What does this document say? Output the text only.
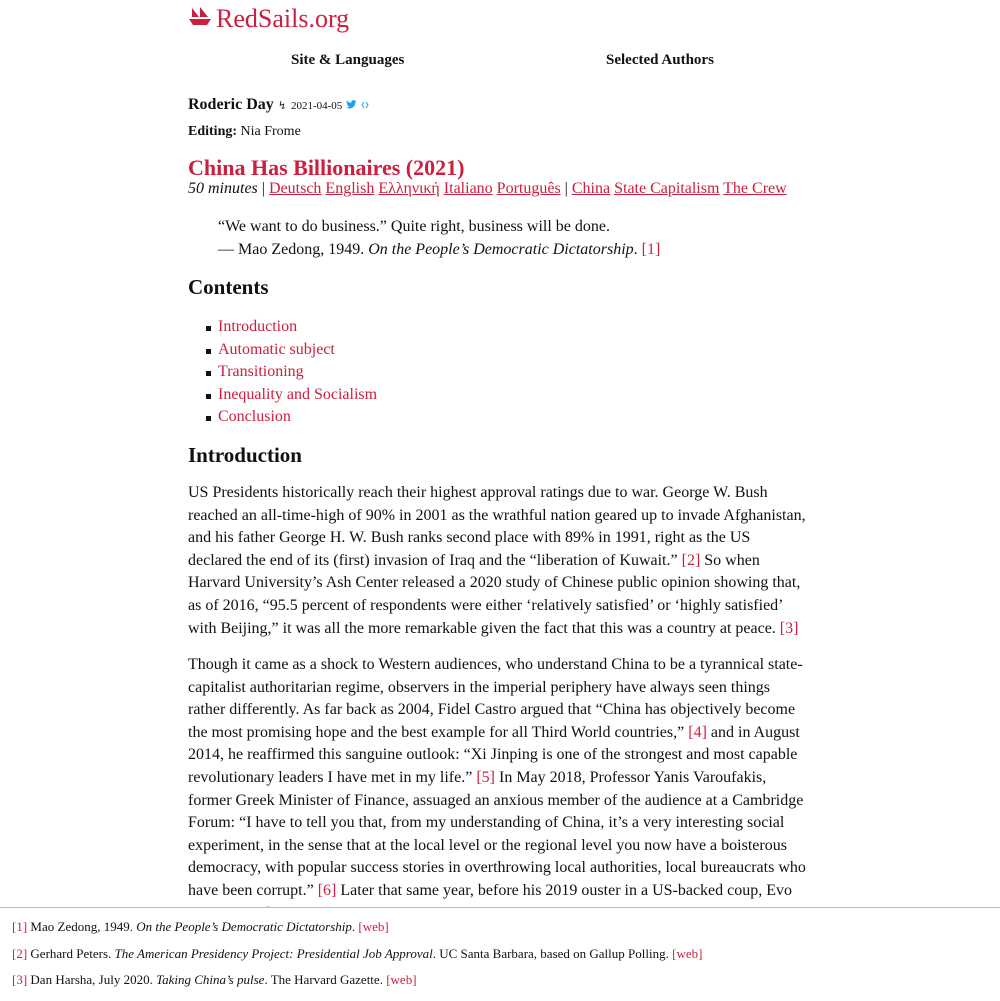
RedSails.org
Site & Languages	Selected Authors
Roderic Day ↯ 2021-04-05
Editing: Nia Frome
China Has Billionaires (2021)
50 minutes | Deutsch English Ελληνική Italiano Português | China State Capitalism The Crew
“We want to do business.” Quite right, business will be done.
— Mao Zedong, 1949. On the People’s Democratic Dictatorship. [1]
Contents
Introduction
Automatic subject
Transitioning
Inequality and Socialism
Conclusion
Introduction

US Presidents historically reach their highest approval ratings due to war. George W. Bush reached an all-time-high of 90% in 2001 as the wrathful nation geared up to invade Afghanistan, and his father George H. W. Bush ranks second place with 89% in 1991, right as the US declared the end of its (first) invasion of Iraq and the “liberation of Kuwait.” [2] So when Harvard University’s Ash Center released a 2020 study of Chinese public opinion showing that, as of 2016, “95.5 percent of respondents were either ‘relatively satisfied’ or ‘highly satisfied’ with Beijing,” it was all the more remarkable given the fact that this was a country at peace. [3]

Though it came as a shock to Western audiences, who understand China to be a tyrannical state-capitalist authoritarian regime, observers in the imperial periphery have always seen things rather differently. As far back as 2004, Fidel Castro argued that “China has objectively become the most promising hope and the best example for all Third World countries,” [4] and in August 2014, he reaffirmed this sanguine outlook: “Xi Jinping is one of the strongest and most capable revolutionary leaders I have met in my life.” [5] In May 2018, Professor Yanis Varoufakis, former Greek Minister of Finance, assuaged an anxious member of the audience at a Cambridge Forum: “I have to tell you that, from my understanding of China, it’s a very interesting social experiment, in the sense that at the local level or the regional level you now have a boisterous democracy, with popular success stories in overthrowing local authorities, local bureaucrats who have been corrupt.” [6] Later that same year, before his 2019 ouster in a US-backed coup, Evo

[1] Mao Zedong, 1949. On the People’s Democratic Dictatorship. [web]
[2] Gerhard Peters. The American Presidency Project: Presidential Job Approval. UC Santa Barbara, based on Gallup Polling. [web]
[3] Dan Harsha, July 2020. Taking China’s pulse. The Harvard Gazette. [web]
